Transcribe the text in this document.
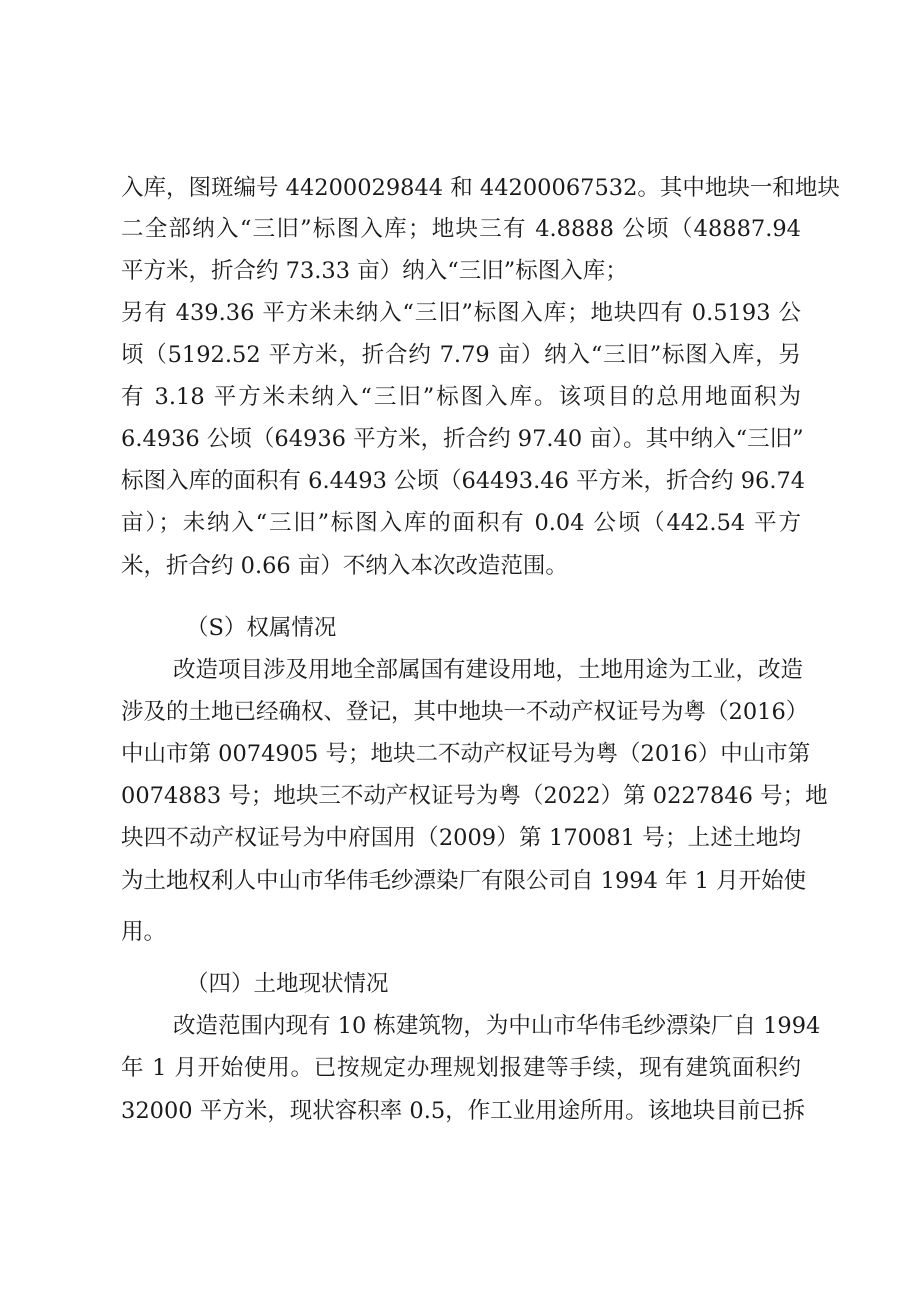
入库，图斑编号 44200029844 和 44200067532。其中地块一和地块
二全部纳入“三旧”标图入库；地块三有 4.8888 公顷（48887.94
平方米，折合约 73.33 亩）纳入“三旧”标图入库；
另有 439.36 平方米未纳入“三旧”标图入库；地块四有 0.5193 公
顷（5192.52 平方米，折合约 7.79 亩）纳入“三旧”标图入库，另
有 3.18 平方米未纳入“三旧”标图入库。该项目的总用地面积为
6.4936 公顷（64936 平方米，折合约 97.40 亩）。其中纳入“三旧”
标图入库的面积有 6.4493 公顷（64493.46 平方米，折合约 96.74
亩）；未纳入“三旧”标图入库的面积有 0.04 公顷（442.54 平方
米，折合约 0.66 亩）不纳入本次改造范围。
（S）权属情况
改造项目涉及用地全部属国有建设用地，土地用途为工业，改造
涉及的土地已经确权、登记，其中地块一不动产权证号为粤（2016）
中山市第 0074905 号；地块二不动产权证号为粤（2016）中山市第
0074883 号；地块三不动产权证号为粤（2022）第 0227846 号；地
块四不动产权证号为中府国用（2009）第 170081 号；上述土地均
为土地权利人中山市华伟毛纱漂染厂有限公司自 1994 年 1 月开始使
用。
（四）土地现状情况
改造范围内现有 10 栋建筑物，为中山市华伟毛纱漂染厂自 1994
年 1 月开始使用。已按规定办理规划报建等手续，现有建筑面积约
32000 平方米，现状容积率 0.5，作工业用途所用。该地块目前已拆
